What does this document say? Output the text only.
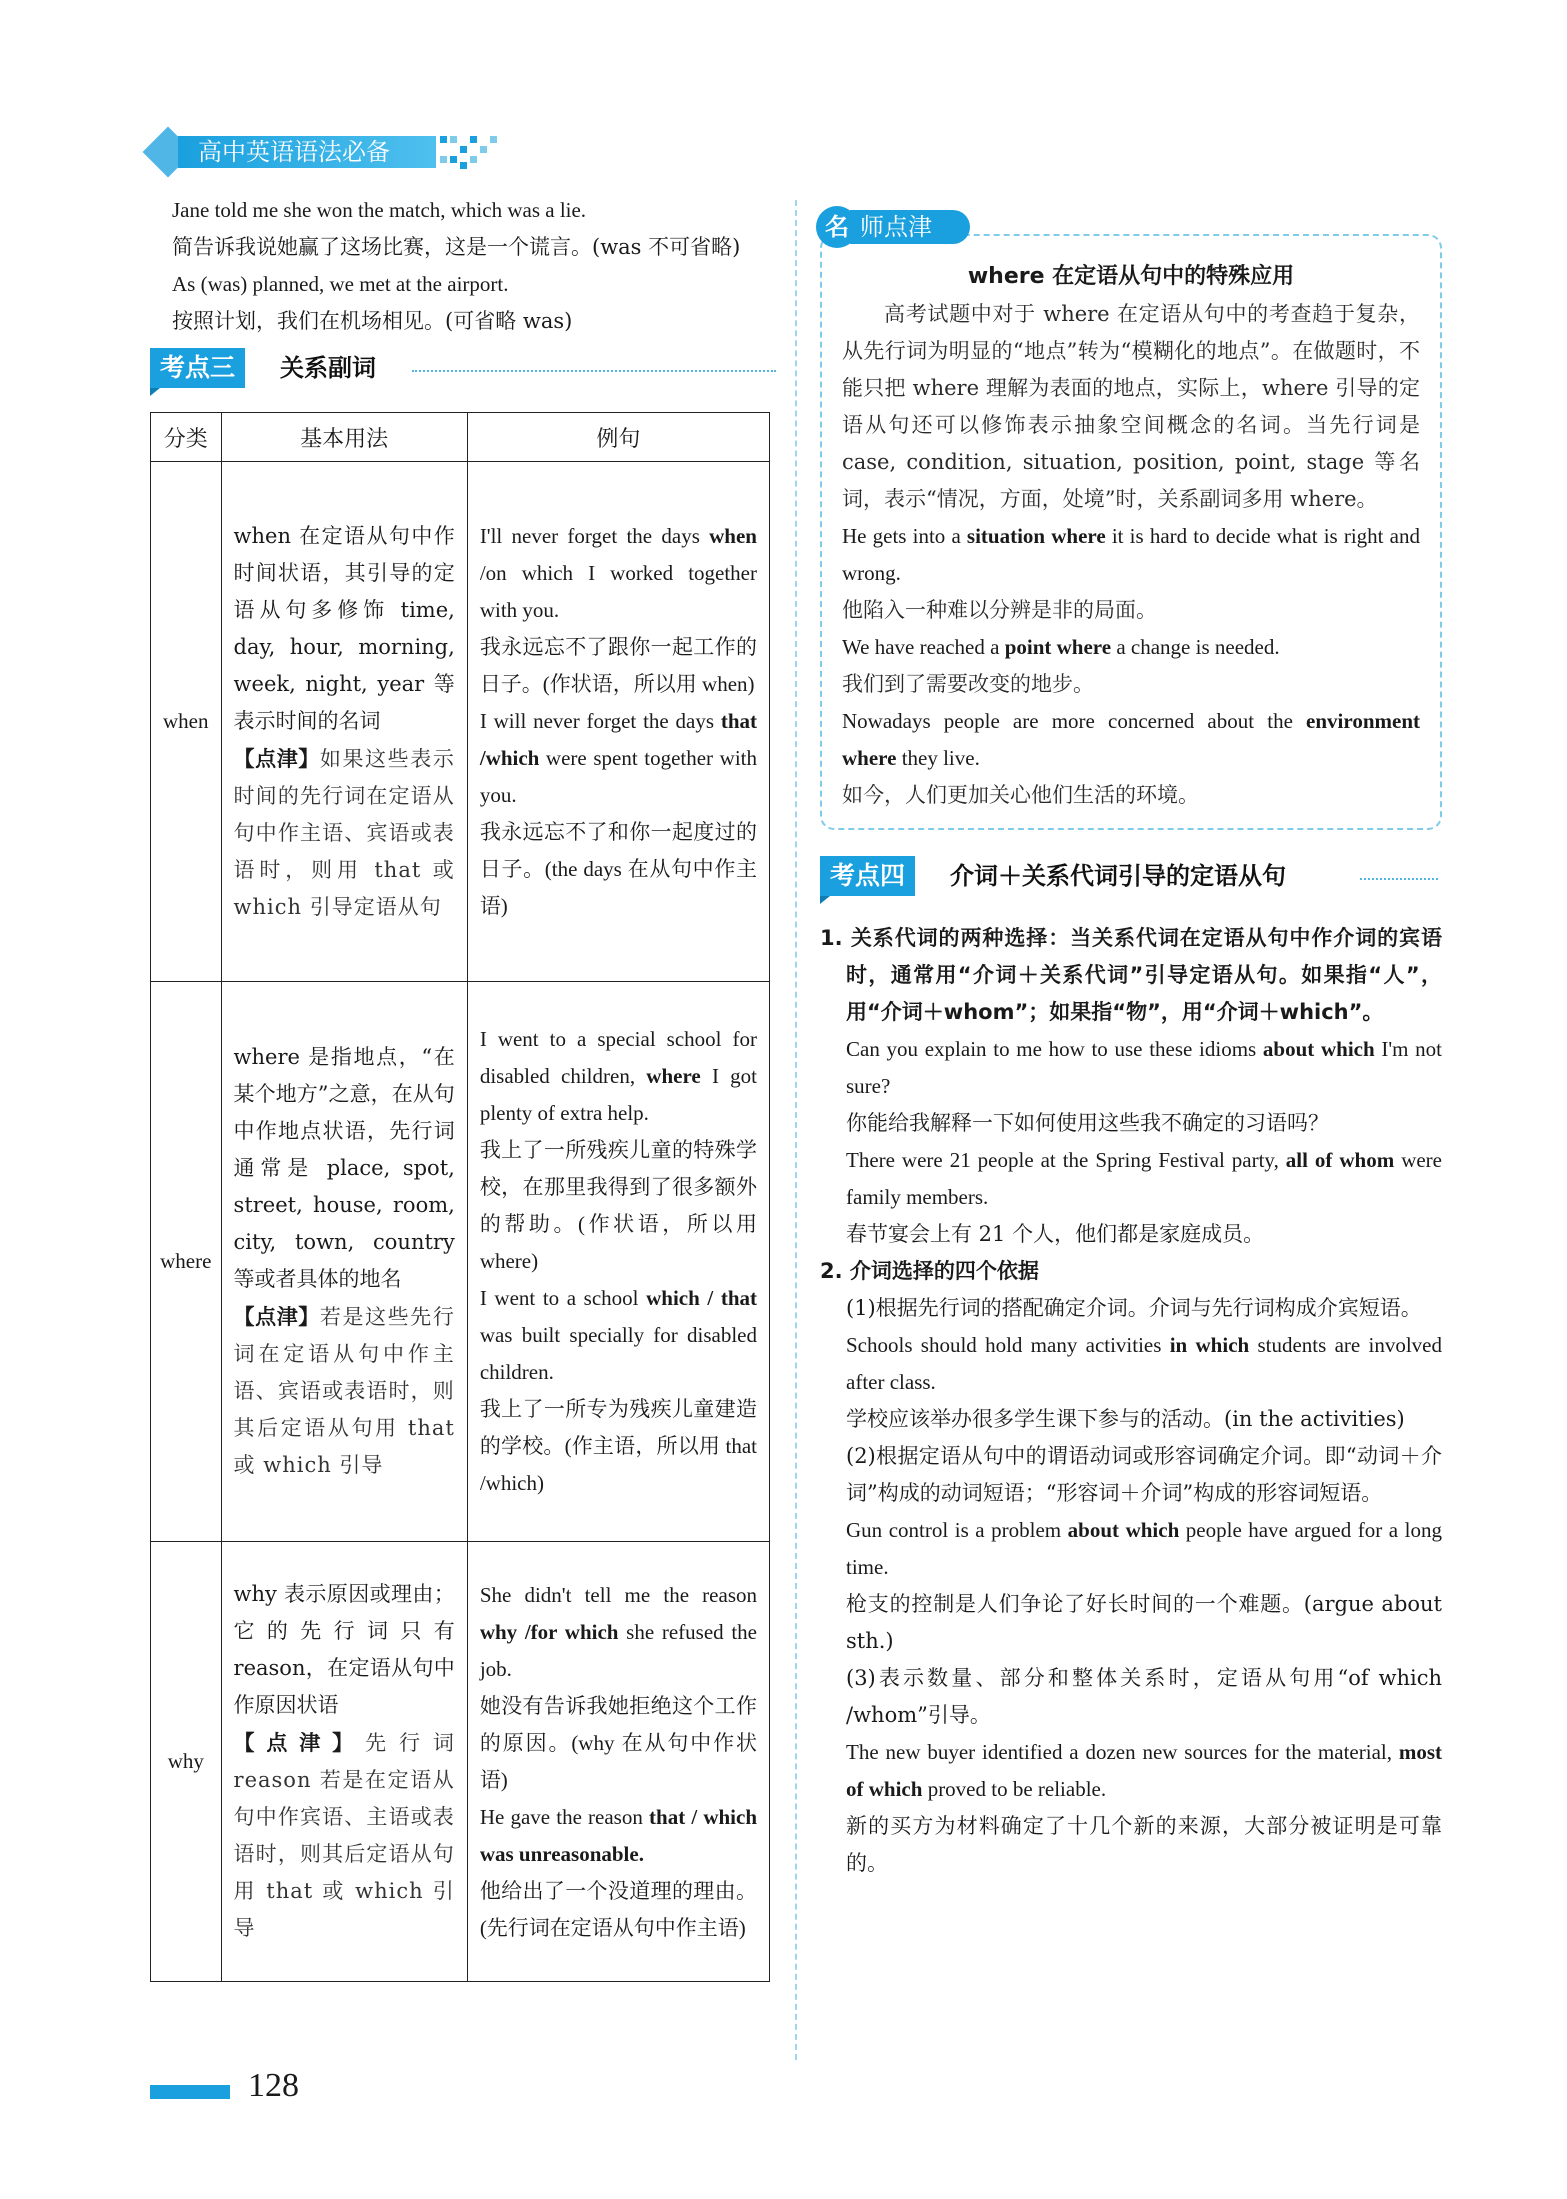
高中英语语法必备

Jane told me she won the match, which was a lie.

简告诉我说她赢了这场比赛，这是一个谎言。(was 不可省略)

As (was) planned, we met at the airport.

按照计划，我们在机场相见。(可省略 was)

考点三	关系副词
分类	基本用法	例句
when	when 在定语从句中作时间状语，其引导的定语从句多修饰 time, day, hour, morning, week, night, year 等表示时间的名词
【点津】如果这些表示时间的先行词在定语从句中作主语、宾语或表语时，则用 that 或 which 引导定语从句	I'll never forget the days when /on which I worked together with you.
我永远忘不了跟你一起工作的日子。(作状语，所以用 when)
I will never forget the days that /which were spent together with you.
我永远忘不了和你一起度过的日子。(the days 在从句中作主语)
where	where 是指地点，“在某个地方”之意，在从句中作地点状语，先行词通常是 place, spot, street, house, room, city, town, country 等或者具体的地名
【点津】若是这些先行词在定语从句中作主语、宾语或表语时，则其后定语从句用 that 或 which 引导	I went to a special school for disabled children, where I got plenty of extra help.
我上了一所残疾儿童的特殊学校，在那里我得到了很多额外的帮助。(作状语，所以用 where)
I went to a school which / that was built specially for disabled children.
我上了一所专为残疾儿童建造的学校。(作主语，所以用 that /which)
why	why 表示原因或理由；它的先行词只有 reason，在定语从句中作原因状语
【点津】先行词 reason 若是在定语从句中作宾语、主语或表语时，则其后定语从句用 that 或 which 引导	She didn't tell me the reason why /for which she refused the job.
她没有告诉我她拒绝这个工作的原因。(why 在从句中作状语)
He gave the reason that / which was unreasonable.
他给出了一个没道理的理由。(先行词在定语从句中作主语)
师点津
名

where 在定语从句中的特殊应用

高考试题中对于 where 在定语从句中的考查趋于复杂，从先行词为明显的“地点”转为“模糊化的地点”。在做题时，不能只把 where 理解为表面的地点，实际上，where 引导的定语从句还可以修饰表示抽象空间概念的名词。当先行词是 case, condition, situation, position, point, stage 等名词，表示“情况，方面，处境”时，关系副词多用 where。

He gets into a situation where it is hard to decide what is right and wrong.

他陷入一种难以分辨是非的局面。

We have reached a point where a change is needed.

我们到了需要改变的地步。

Nowadays people are more concerned about the environment where they live.

如今，人们更加关心他们生活的环境。

考点四	介词＋关系代词引导的定语从句

1. 关系代词的两种选择：当关系代词在定语从句中作介词的宾语时，通常用“介词＋关系代词”引导定语从句。如果指“人”，用“介词＋whom”；如果指“物”，用“介词＋which”。

Can you explain to me how to use these idioms about which I'm not sure?

你能给我解释一下如何使用这些我不确定的习语吗？

There were 21 people at the Spring Festival party, all of whom were family members.

春节宴会上有 21 个人，他们都是家庭成员。

2. 介词选择的四个依据

(1)根据先行词的搭配确定介词。介词与先行词构成介宾短语。

Schools should hold many activities in which students are involved after class.

学校应该举办很多学生课下参与的活动。(in the activities)

(2)根据定语从句中的谓语动词或形容词确定介词。即“动词＋介词”构成的动词短语；“形容词＋介词”构成的形容词短语。

Gun control is a problem about which people have argued for a long time.

枪支的控制是人们争论了好长时间的一个难题。(argue about sth.)

(3)表示数量、部分和整体关系时，定语从句用“of which /whom”引导。

The new buyer identified a dozen new sources for the material, most of which proved to be reliable.

新的买方为材料确定了十几个新的来源，大部分被证明是可靠的。

128
